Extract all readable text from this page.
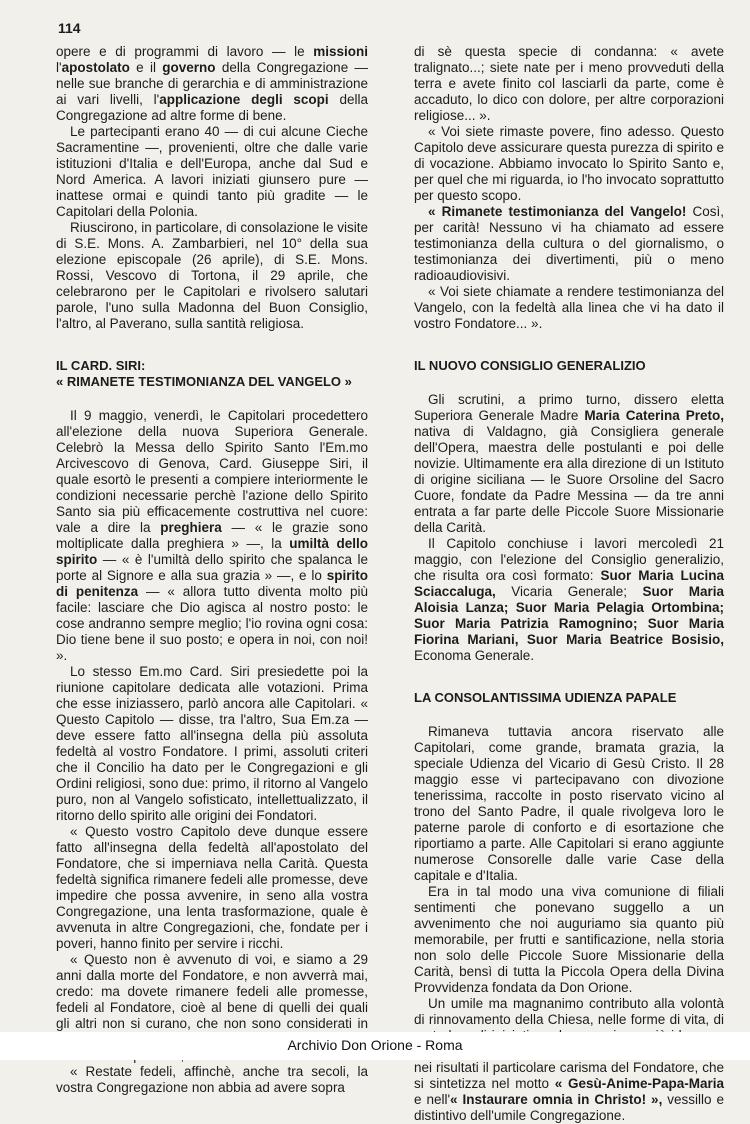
114

opere e di programmi di lavoro — le missioni l'apostolato e il governo della Congregazione — nelle sue branche di gerarchia e di amministrazione ai vari livelli, l'applicazione degli scopi della Congregazione ad altre forme di bene.

Le partecipanti erano 40 — di cui alcune Cieche Sacramentine —, provenienti, oltre che dalle varie istituzioni d'Italia e dell'Europa, anche dal Sud e Nord America. A lavori iniziati giunsero pure — inattese ormai e quindi tanto più gradite — le Capitolari della Polonia.

Riuscirono, in particolare, di consolazione le visite di S.E. Mons. A. Zambarbieri, nel 10° della sua elezione episcopale (26 aprile), di S.E. Mons. Rossi, Vescovo di Tortona, il 29 aprile, che celebrarono per le Capitolari e rivolsero salutari parole, l'uno sulla Madonna del Buon Consiglio, l'altro, al Paverano, sulla santità religiosa.

IL CARD. SIRI:
« RIMANETE TESTIMONIANZA DEL VANGELO »

Il 9 maggio, venerdì, le Capitolari procedettero all'elezione della nuova Superiora Generale. Celebrò la Messa dello Spirito Santo l'Em.mo Arcivescovo di Genova, Card. Giuseppe Siri, il quale esortò le presenti a compiere interiormente le condizioni necessarie perchè l'azione dello Spirito Santo sia più efficacemente costruttiva nel cuore: vale a dire la preghiera — « le grazie sono moltiplicate dalla preghiera » —, la umiltà dello spirito — « è l'umiltà dello spirito che spalanca le porte al Signore e alla sua grazia » —, e lo spirito di penitenza — « allora tutto diventa molto più facile: lasciare che Dio agisca al nostro posto: le cose andranno sempre meglio; l'io rovina ogni cosa: Dio tiene bene il suo posto; e opera in noi, con noi! ».

Lo stesso Em.mo Card. Siri presiedette poi la riunione capitolare dedicata alle votazioni. Prima che esse iniziassero, parlò ancora alle Capitolari. « Questo Capitolo — disse, tra l'altro, Sua Em.za — deve essere fatto all'insegna della più assoluta fedeltà al vostro Fondatore. I primi, assoluti criteri che il Concilio ha dato per le Congregazioni e gli Ordini religiosi, sono due: primo, il ritorno al Vangelo puro, non al Vangelo sofisticato, intellettualizzato, il ritorno dello spirito alle origini dei Fondatori.

« Questo vostro Capitolo deve dunque essere fatto all'insegna della fedeltà all'apostolato del Fondatore, che si imperniava nella Carità. Questa fedeltà significa rimanere fedeli alle promesse, deve impedire che possa avvenire, in seno alla vostra Congregazione, una lenta trasformazione, quale è avvenuta in altre Congregazioni, che, fondate per i poveri, hanno finito per servire i ricchi.

« Questo non è avvenuto di voi, e siamo a 29 anni dalla morte del Fondatore, e non avverrà mai, credo: ma dovete rimanere fedeli alle promesse, fedeli al Fondatore, cioè al bene di quelli dei quali gli altri non si curano, che non sono considerati in

« Restate fedeli, affinchè, anche tra secoli, la vostra Congregazione non abbia ad avere sopra

di sè questa specie di condanna: « avete tralignato...; siete nate per i meno provveduti della terra e avete finito col lasciarli da parte, come è accaduto, lo dico con dolore, per altre corporazioni religiose... ».

« Voi siete rimaste povere, fino adesso. Questo Capitolo deve assicurare questa purezza di spirito e di vocazione. Abbiamo invocato lo Spirito Santo e, per quel che mi riguarda, io l'ho invocato soprattutto per questo scopo.

« Rimanete testimonianza del Vangelo! Così, per carità! Nessuno vi ha chiamato ad essere testimonianza della cultura o del giornalismo, o testimonianza dei divertimenti, più o meno radioaudiovisivi.

« Voi siete chiamate a rendere testimonianza del Vangelo, con la fedeltà alla linea che vi ha dato il vostro Fondatore... ».

IL NUOVO CONSIGLIO GENERALIZIO

Gli scrutini, a primo turno, dissero eletta Superiora Generale Madre Maria Caterina Preto, nativa di Valdagno, già Consigliera generale dell'Opera, maestra delle postulanti e poi delle novizie. Ultimamente era alla direzione di un Istituto di origine siciliana — le Suore Orsoline del Sacro Cuore, fondate da Padre Messina — da tre anni entrata a far parte delle Piccole Suore Missionarie della Carità.

Il Capitolo conchiuse i lavori mercoledì 21 maggio, con l'elezione del Consiglio generalizio, che risulta ora così formato: Suor Maria Lucina Sciaccaluga, Vicaria Generale; Suor Maria Aloisia Lanza; Suor Maria Pelagia Ortombina; Suor Maria Patrizia Ramognino; Suor Maria Fiorina Mariani, Suor Maria Beatrice Bosisio, Economa Generale.

LA CONSOLANTISSIMA UDIENZA PAPALE

Rimaneva tuttavia ancora riservato alle Capitolari, come grande, bramata grazia, la speciale Udienza del Vicario di Gesù Cristo. Il 28 maggio esse vi partecipavano con divozione tenerissima, raccolte in posto riservato vicino al trono del Santo Padre, il quale rivolgeva loro le paterne parole di conforto e di esortazione che riportiamo a parte. Alle Capitolari si erano aggiunte numerose Consorelle dalle varie Case della capitale e d'Italia.

Era in tal modo una viva comunione di filiali sentimenti che ponevano suggello a un avvenimento che noi auguriamo sia quanto più memorabile, per frutti e santificazione, nella storia non solo delle Piccole Suore Missionarie della Carità, bensì di tutta la Piccola Opera della Divina Provvidenza fondata da Don Orione.

Un umile ma magnanimo contributo alla volontà di rinnovamento della Chiesa, nelle forme di vita, di nei risultati il particolare carisma del Fondatore, che si sintetizza nel motto « Gesù-Anime-Papa-Maria e nell'« Instaurare omnia in Christo! », vessillo e distintivo dell'umile Congregazione.

Archivio Don Orione - Roma
